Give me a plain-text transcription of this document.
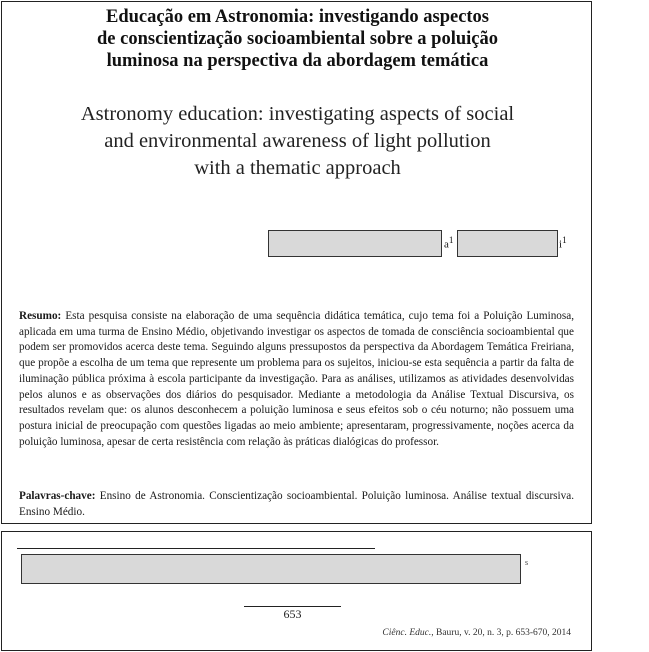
Educação em Astronomia: investigando aspectos
de conscientização socioambiental sobre a poluição
luminosa na perspectiva da abordagem temática
Astronomy education: investigating aspects of social
and environmental awareness of light pollution
with a thematic approach
$a^1$	$i^1$
Resumo: Esta pesquisa consiste na elaboração de uma sequência didática temática, cujo tema foi a Poluição Luminosa, aplicada em uma turma de Ensino Médio, objetivando investigar os aspectos de tomada de consciência socioambiental que podem ser promovidos acerca deste tema. Seguindo alguns pressupostos da perspectiva da Abordagem Temática Freiriana, que propõe a escolha de um tema que represente um problema para os sujeitos, iniciou-se esta sequência a partir da falta de iluminação pública próxima à escola participante da investigação. Para as análises, utilizamos as atividades desenvolvidas pelos alunos e as observações dos diários do pesquisador. Mediante a metodologia da Análise Textual Discursiva, os resultados revelam que: os alunos desconhecem a poluição luminosa e seus efeitos sob o céu noturno; não possuem uma postura inicial de preocupação com questões ligadas ao meio ambiente; apresentaram, progressivamente, noções acerca da poluição luminosa, apesar de certa resistência com relação às práticas dialógicas do professor.
Palavras-chave: Ensino de Astronomia. Conscientização socioambiental. Poluição luminosa. Análise textual discursiva. Ensino Médio.
s
653
Ciênc. Educ., Bauru, v. 20, n. 3, p. 653-670, 2014
